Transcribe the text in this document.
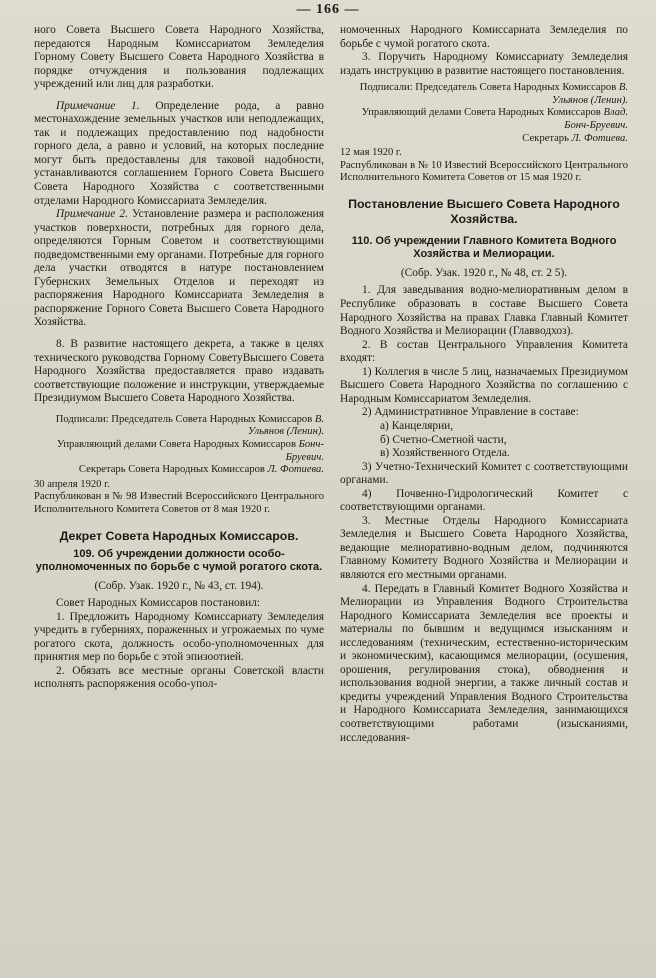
— 166 —

ного Совета Высшего Совета Народного Хозяйства, передаются Народным Комиссариатом Земледелия Горному Совету Высшего Совета Народного Хозяйства в порядке отчуждения и пользования подлежащих учреждений или лиц для разработки.

Примечание 1. Определение рода, а равно местонахождение земельных участков или неподлежащих, так и подлежащих предоставлению под надобности горного дела, а равно и условий, на которых последние могут быть предоставлены для таковой надобности, устанавливаются соглашением Горного Совета Высшего Совета Народного Хозяйства с соответственными отделами Народного Комиссариата Земледелия.

Примечание 2. Установление размера и расположения участков поверхности, потребных для горного дела, определяются Горным Советом и соответствующими подведомственными ему органами. Потребные для горного дела участки отводятся в натуре постановлением Губернских Земельных Отделов и переходят из распоряжения Народного Комиссариата Земледелия в распоряжение Горного Совета Высшего Совета Народного Хозяйства.

8. В развитие настоящего декрета, а также в целях технического руководства Горному СоветуВысшего Совета Народного Хозяйства предоставляется право издавать соответствующие положение и инструкции, утверждаемые Президиумом Высшего Совета Народного Хозяйства.

Подписали: Председатель Совета Народных Комиссаров В. Ульянов (Ленин).

Управляющий делами Совета Народных Комиссаров Бонч-Бруевич.

Секретарь Совета Народных Комиссаров Л. Фотиева.

30 апреля 1920 г.

Распубликован в № 98 Известий Всероссийского Центрального Исполнительного Комитета Советов от 8 мая 1920 г.

Декрет Совета Народных Комиссаров.

109. Об учреждении должности особо-уполномоченных по борьбе с чумой рогатого скота.

(Собр. Узак. 1920 г., № 43, ст. 194).

Совет Народных Комиссаров постановил:

1. Предложить Народному Комиссариату Земледелия учредить в губерниях, пораженных и угрожаемых по чуме рогатого скота, должность особо-уполномоченных для принятия мер по борьбе с этой эпизоотией.

2. Обязать все местные органы Советской власти исполнять распоряжения особо-упол-

номоченных Народного Комиссариата Земледелия по борьбе с чумой рогатого скота.

3. Поручить Народному Комиссариату Земледелия издать инструкцию в развитие настоящего постановления.

Подписали: Председатель Совета Народных Комиссаров В. Ульянов (Ленин).

Управляющий делами Совета Народных Комиссаров Влад. Бонч-Бруевич.

Секретарь Л. Фотиева.

12 мая 1920 г.

Распубликован в № 10 Известий Всероссийского Центрального Исполнительного Комитета Советов от 15 мая 1920 г.

Постановление Высшего Совета Народного Хозяйства.

110. Об учреждении Главного Комитета Водного Хозяйства и Мелиорации.

(Собр. Узак. 1920 г., № 48, ст. 2 5).

1. Для заведывания водно-мелиоративным делом в Республике образовать в составе Высшего Совета Народного Хозяйства на правах Главка Главный Комитет Водного Хозяйства и Мелиорации (Главводхоз).

2. В состав Центрального Управления Комитета входят:

1) Коллегия в числе 5 лиц, назначаемых Президиумом Высшего Совета Народного Хозяйства по соглашению с Народным Комиссариатом Земледелия.

2) Административное Управление в составе:

а) Канцелярии,

б) Счетно-Сметной части,

в) Хозяйственного Отдела.

3) Учетно-Технический Комитет с соответствующими органами.

4) Почвенно-Гидрологический Комитет с соответствующими органами.

3. Местные Отделы Народного Комиссариата Земледелия и Высшего Совета Народного Хозяйства, ведающие мелиоративно-водным делом, подчиняются Главному Комитету Водного Хозяйства и Мелиорации и являются его местными органами.

4. Передать в Главный Комитет Водного Хозяйства и Мелиорации из Управления Водного Строительства Народного Комиссариата Земледелия все проекты и материалы по бывшим и ведущимся изысканиям и исследованиям (техническим, естественно-историческим и экономическим), касающимся мелиорации, (осушения, орошения, регулирования стока), обводнения и использования водной энергии, а также личный состав и кредиты учреждений Управления Водного Строительства и Народного Комиссариата Земледелия, занимающихся соответствующими работами (изысканиями, исследования-
